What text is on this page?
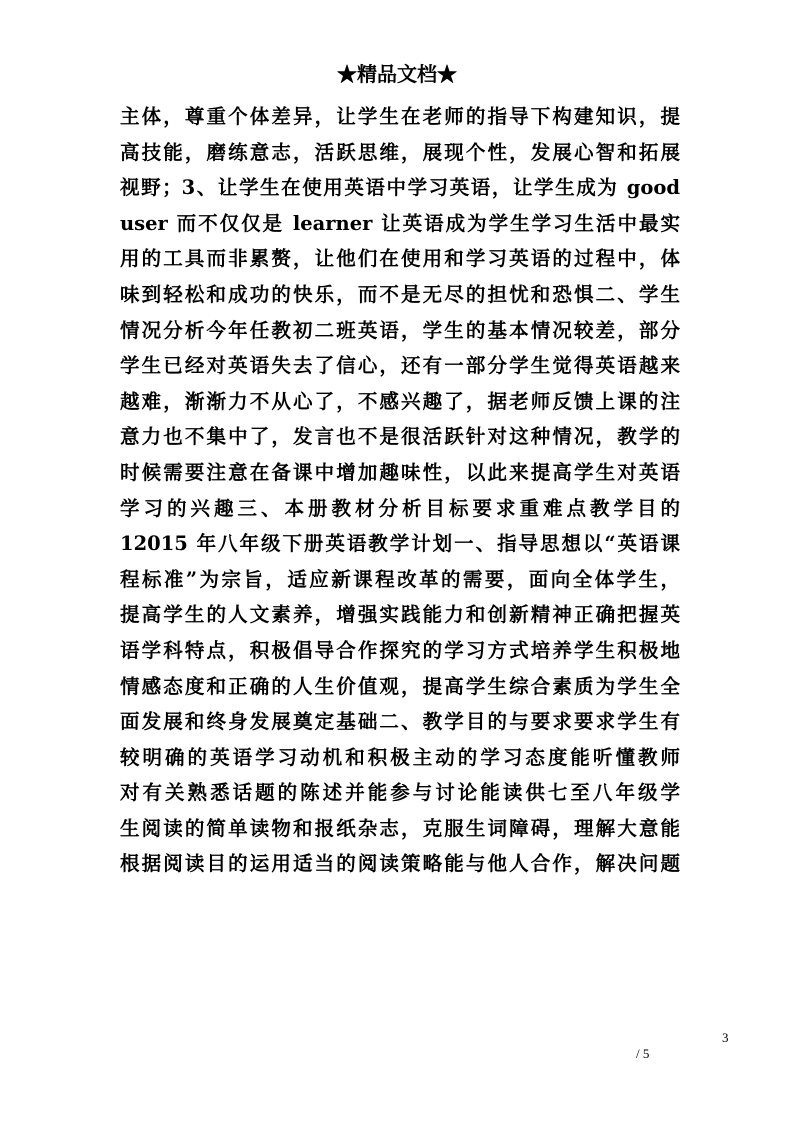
★精品文档★
主体，尊重个体差异，让学生在老师的指导下构建知识，提
高技能，磨练意志，活跃思维，展现个性，发展心智和拓展
视野；3、让学生在使用英语中学习英语，让学生成为 good
user 而不仅仅是 learner 让英语成为学生学习生活中最实
用的工具而非累赘，让他们在使用和学习英语的过程中，体
味到轻松和成功的快乐，而不是无尽的担忧和恐惧二、学生
情况分析今年任教初二班英语，学生的基本情况较差，部分
学生已经对英语失去了信心，还有一部分学生觉得英语越来
越难，渐渐力不从心了，不感兴趣了，据老师反馈上课的注
意力也不集中了，发言也不是很活跃针对这种情况，教学的
时候需要注意在备课中增加趣味性，以此来提高学生对英语
学习的兴趣三、本册教材分析目标要求重难点教学目的
12015 年八年级下册英语教学计划一、指导思想以“英语课
程标准”为宗旨，适应新课程改革的需要，面向全体学生，
提高学生的人文素养，增强实践能力和创新精神正确把握英
语学科特点，积极倡导合作探究的学习方式培养学生积极地
情感态度和正确的人生价值观，提高学生综合素质为学生全
面发展和终身发展奠定基础二、教学目的与要求要求学生有
较明确的英语学习动机和积极主动的学习态度能听懂教师
对有关熟悉话题的陈述并能参与讨论能读供七至八年级学
生阅读的简单读物和报纸杂志，克服生词障碍，理解大意能
根据阅读目的运用适当的阅读策略能与他人合作，解决问题
3
/ 5
